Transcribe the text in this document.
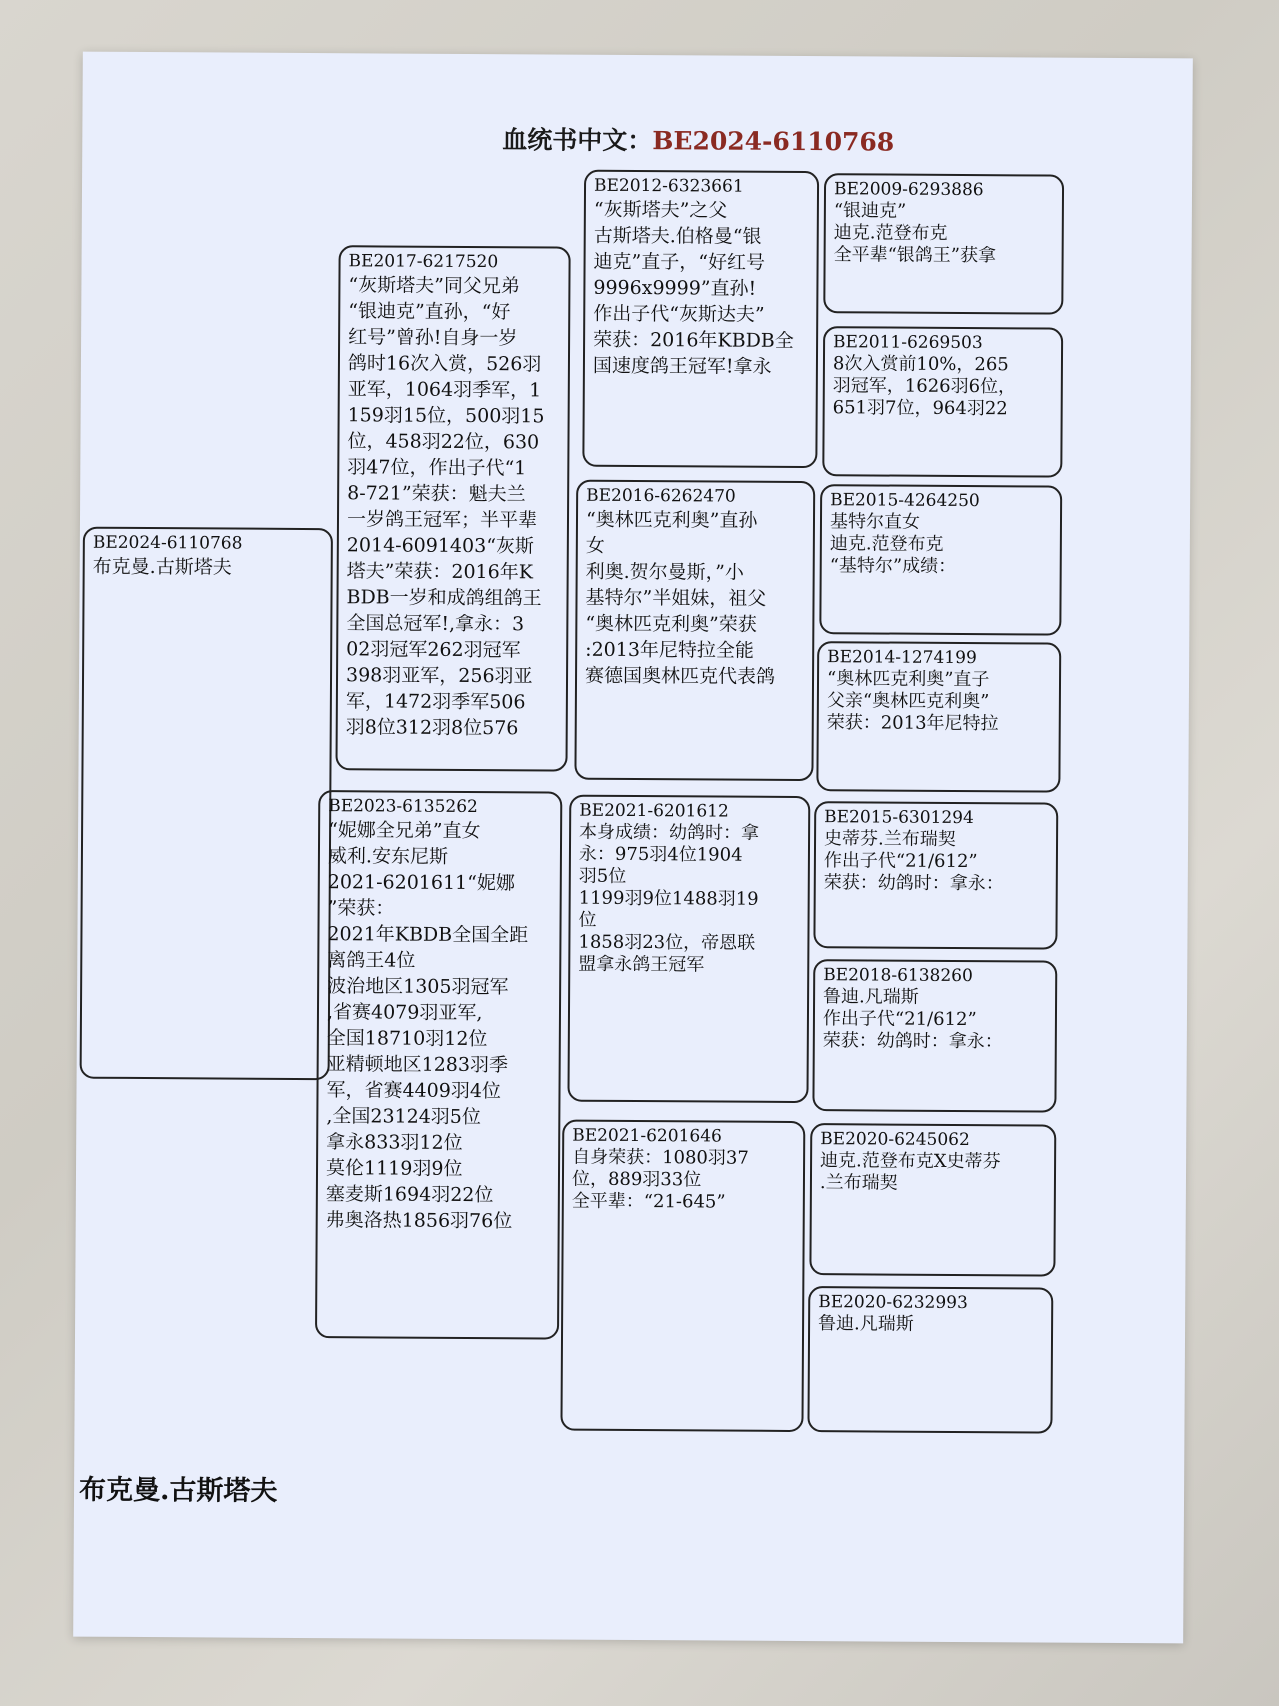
血统书中文：BE2024-6110768
BE2024-6110768
布克曼.古斯塔夫
BE2017-6217520
“灰斯塔夫”同父兄弟
“银迪克”直孙，“好
红号”曾孙!自身一岁
鸽时16次入赏，526羽
亚军，1064羽季军，1
159羽15位，500羽15
位，458羽22位，630
羽47位，作出子代“1
8-721”荣获：魁夫兰
一岁鸽王冠军；半平辈
2014-6091403“灰斯
塔夫”荣获：2016年K
BDB一岁和成鸽组鸽王
全国总冠军!,拿永：3
02羽冠军262羽冠军
398羽亚军，256羽亚
军，1472羽季军506
羽8位312羽8位576
BE2023-6135262
“妮娜全兄弟”直女
威利.安东尼斯
2021-6201611“妮娜
”荣获：
2021年KBDB全国全距
离鸽王4位
波治地区1305羽冠军
,省赛4079羽亚军,
全国18710羽12位
亚精顿地区1283羽季
军，省赛4409羽4位
,全国23124羽5位
拿永833羽12位
莫伦1119羽9位
塞麦斯1694羽22位
弗奥洛热1856羽76位
BE2012-6323661
“灰斯塔夫”之父
古斯塔夫.伯格曼“银
迪克”直子，“好红号
9996x9999”直孙!
作出子代“灰斯达夫”
荣获：2016年KBDB全
国速度鸽王冠军!拿永
BE2016-6262470
“奥林匹克利奥”直孙
女
利奥.贺尔曼斯，”小
基特尔”半姐妹，祖父
“奥林匹克利奥”荣获
:2013年尼特拉全能
赛德国奥林匹克代表鸽
BE2021-6201612
本身成绩：幼鸽时：拿
永：975羽4位1904
羽5位
1199羽9位1488羽19
位
1858羽23位，帝恩联
盟拿永鸽王冠军
BE2021-6201646
自身荣获：1080羽37
位，889羽33位
全平辈：“21-645”
BE2009-6293886
“银迪克”
迪克.范登布克
全平辈“银鸽王”获拿
BE2011-6269503
8次入赏前10%，265
羽冠军，1626羽6位，
651羽7位，964羽22
BE2015-4264250
基特尔直女
迪克.范登布克
“基特尔”成绩：
BE2014-1274199
“奥林匹克利奥”直子
父亲“奥林匹克利奥”
荣获：2013年尼特拉
BE2015-6301294
史蒂芬.兰布瑞契
作出子代“21/612”
荣获：幼鸽时：拿永：
BE2018-6138260
鲁迪.凡瑞斯
作出子代“21/612”
荣获：幼鸽时：拿永：
BE2020-6245062
迪克.范登布克X史蒂芬
.兰布瑞契
BE2020-6232993
鲁迪.凡瑞斯
布克曼.古斯塔夫
